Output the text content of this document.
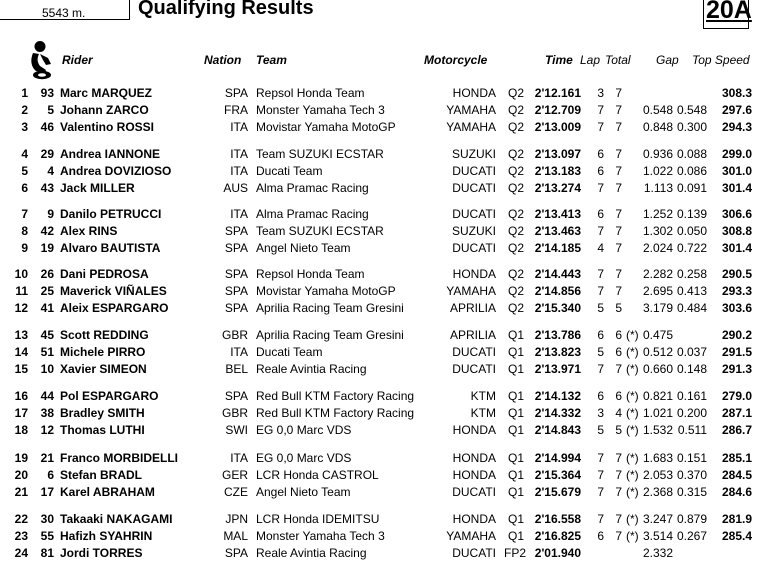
5543 m.	Qualifying Results	20A
Rider	Nation Team	Motorcycle	Time Lap Total Gap Top Speed
1	93 Marc MARQUEZ	SPA Repsol Honda Team	HONDA Q2 2'12.161	3 7	308.3
2	5 Johann ZARCO	FRA Monster Yamaha Tech 3	YAMAHA Q2 2'12.709	7 7	0.548 0.548	297.6
3	46 Valentino ROSSI	ITA Movistar Yamaha MotoGP	YAMAHA Q2 2'13.009	7 7	0.848 0.300	294.3
4	29 Andrea IANNONE	ITA Team SUZUKI ECSTAR	SUZUKI Q2 2'13.097	6 7	0.936 0.088	299.0
5	4 Andrea DOVIZIOSO	ITA Ducati Team	DUCATI Q2 2'13.183	6 7	1.022 0.086	301.0
6	43 Jack MILLER	AUS Alma Pramac Racing	DUCATI Q2 2'13.274	7 7	1.113 0.091	301.4
7	9 Danilo PETRUCCI	ITA Alma Pramac Racing	DUCATI Q2 2'13.413	6 7	1.252 0.139	306.6
8	42 Alex RINS	SPA Team SUZUKI ECSTAR	SUZUKI Q2 2'13.463	7 7	1.302 0.050	308.8
9	19 Alvaro BAUTISTA	SPA Angel Nieto Team	DUCATI Q2 2'14.185	4 7	2.024 0.722	301.4
10	26 Dani PEDROSA	SPA Repsol Honda Team	HONDA Q2 2'14.443	7 7	2.282 0.258	290.5
11	25 Maverick VIÑALES	SPA Movistar Yamaha MotoGP	YAMAHA Q2 2'14.856	7 7	2.695 0.413	293.3
12	41 Aleix ESPARGARO	SPA Aprilia Racing Team Gresini	APRILIA Q2 2'15.340	5 5	3.179 0.484	303.6
13	45 Scott REDDING	GBR Aprilia Racing Team Gresini	APRILIA Q1 2'13.786	6 6 (*) 0.475	290.2
14	51 Michele PIRRO	ITA Ducati Team	DUCATI Q1 2'13.823	5 6 (*) 0.512 0.037	291.5
15	10 Xavier SIMEON	BEL Reale Avintia Racing	DUCATI Q1 2'13.971	7 7 (*) 0.660 0.148	291.3
16	44 Pol ESPARGARO	SPA Red Bull KTM Factory Racing	KTM Q1 2'14.132	6 6 (*) 0.821 0.161	279.0
17	38 Bradley SMITH	GBR Red Bull KTM Factory Racing	KTM Q1 2'14.332	3 4 (*) 1.021 0.200	287.1
18	12 Thomas LUTHI	SWI EG 0,0 Marc VDS	HONDA Q1 2'14.843	5 5 (*) 1.532 0.511	286.7
19	21 Franco MORBIDELLI	ITA EG 0,0 Marc VDS	HONDA Q1 2'14.994	7 7 (*) 1.683 0.151	285.1
20	6 Stefan BRADL	GER LCR Honda CASTROL	HONDA Q1 2'15.364	7 7 (*) 2.053 0.370	284.5
21	17 Karel ABRAHAM	CZE Angel Nieto Team	DUCATI Q1 2'15.679	7 7 (*) 2.368 0.315	284.6
22	30 Takaaki NAKAGAMI	JPN LCR Honda IDEMITSU	HONDA Q1 2'16.558	7 7 (*) 3.247 0.879	281.9
23	55 Hafizh SYAHRIN	MAL Monster Yamaha Tech 3	YAMAHA Q1 2'16.825	6 7 (*) 3.514 0.267	285.4
24	81 Jordi TORRES	SPA Reale Avintia Racing	DUCATI FP2 2'01.940	2.332
